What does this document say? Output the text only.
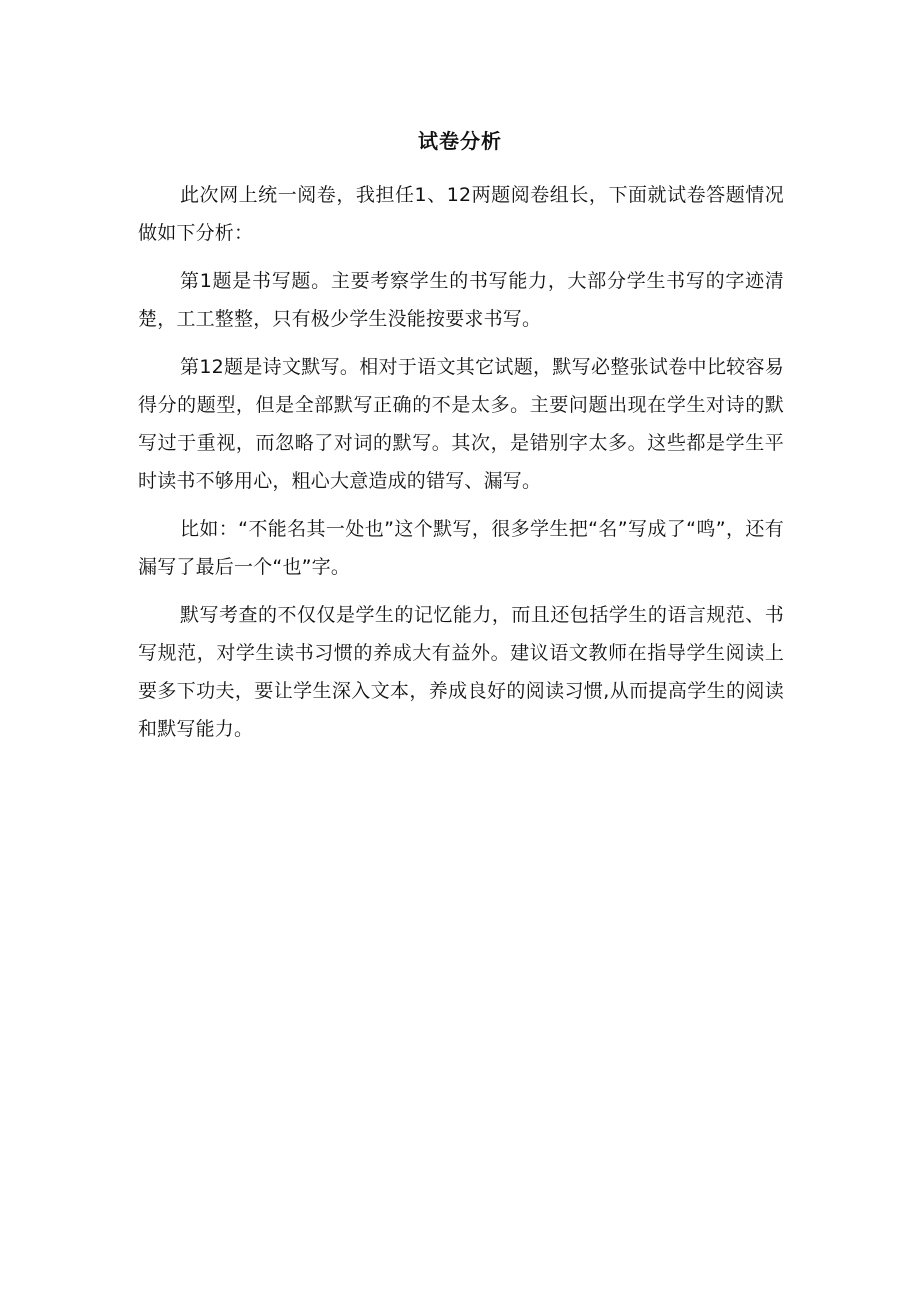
试卷分析

此次网上统一阅卷，我担任1、12两题阅卷组长，下面就试卷答题情况做如下分析：

第1题是书写题。主要考察学生的书写能力，大部分学生书写的字迹清楚，工工整整，只有极少学生没能按要求书写。

第12题是诗文默写。相对于语文其它试题，默写必整张试卷中比较容易得分的题型，但是全部默写正确的不是太多。主要问题出现在学生对诗的默写过于重视，而忽略了对词的默写。其次，是错别字太多。这些都是学生平时读书不够用心，粗心大意造成的错写、漏写。

比如：“不能名其一处也”这个默写，很多学生把“名”写成了“鸣”，还有漏写了最后一个“也”字。

默写考查的不仅仅是学生的记忆能力，而且还包括学生的语言规范、书写规范，对学生读书习惯的养成大有益外。建议语文教师在指导学生阅读上要多下功夫，要让学生深入文本，养成良好的阅读习惯,从而提高学生的阅读和默写能力。
